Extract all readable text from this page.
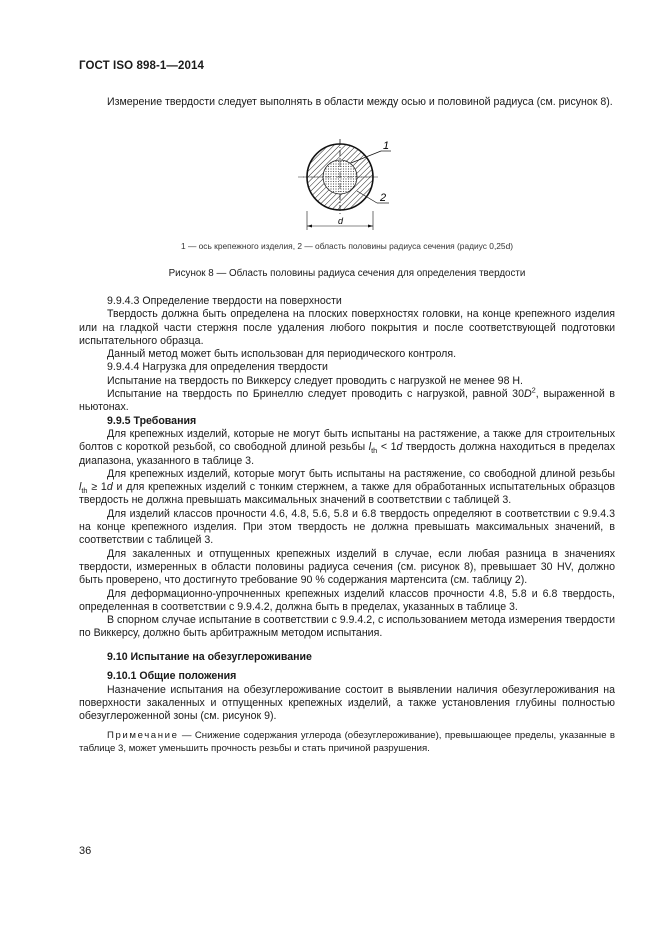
ГОСТ ISO 898-1—2014

Измерение твердости следует выполнять в области между осью и половиной радиуса (см. рисунок 8).

1
2
d
1 — ось крепежного изделия, 2 — область половины радиуса сечения (радиус 0,25d)
Рисунок 8 — Область половины радиуса сечения для определения твердости

9.9.4.3 Определение твердости на поверхности

Твердость должна быть определена на плоских поверхностях головки, на конце крепежного изделия или на гладкой части стержня после удаления любого покрытия и после соответствующей подготовки испытательного образца.

Данный метод может быть использован для периодического контроля.

9.9.4.4 Нагрузка для определения твердости

Испытание на твердость по Виккерсу следует проводить с нагрузкой не менее 98 Н.

Испытание на твердость по Бринеллю следует проводить с нагрузкой, равной $30D^2$, выраженной в ньютонах.

9.9.5 Требования

Для крепежных изделий, которые не могут быть испытаны на растяжение, а также для строительных болтов с короткой резьбой, со свободной длиной резьбы $l_{th} < 1d$ твердость должна находиться в пределах диапазона, указанного в таблице 3.

Для крепежных изделий, которые могут быть испытаны на растяжение, со свободной длиной резьбы $l_{th} \ge 1d$ и для крепежных изделий с тонким стержнем, а также для обработанных испытательных образцов твердость не должна превышать максимальных значений в соответствии с таблицей 3.

Для изделий классов прочности 4.6, 4.8, 5.6, 5.8 и 6.8 твердость определяют в соответствии с 9.9.4.3 на конце крепежного изделия. При этом твердость не должна превышать максимальных значений, в соответствии с таблицей 3.

Для закаленных и отпущенных крепежных изделий в случае, если любая разница в значениях твердости, измеренных в области половины радиуса сечения (см. рисунок 8), превышает 30 HV, должно быть проверено, что достигнуто требование 90 % содержания мартенсита (см. таблицу 2).

Для деформационно-упрочненных крепежных изделий классов прочности 4.8, 5.8 и 6.8 твердость, определенная в соответствии с 9.9.4.2, должна быть в пределах, указанных в таблице 3.

В спорном случае испытание в соответствии с 9.9.4.2, с использованием метода измерения твердости по Виккерсу, должно быть арбитражным методом испытания.

9.10 Испытание на обезуглероживание

9.10.1 Общие положения

Назначение испытания на обезуглероживание состоит в выявлении наличия обезуглероживания на поверхности закаленных и отпущенных крепежных изделий, а также установления глубины полностью обезуглероженной зоны (см. рисунок 9).

Примечание — Снижение содержания углерода (обезуглероживание), превышающее пределы, указанные в таблице 3, может уменьшить прочность резьбы и стать причиной разрушения.

36
